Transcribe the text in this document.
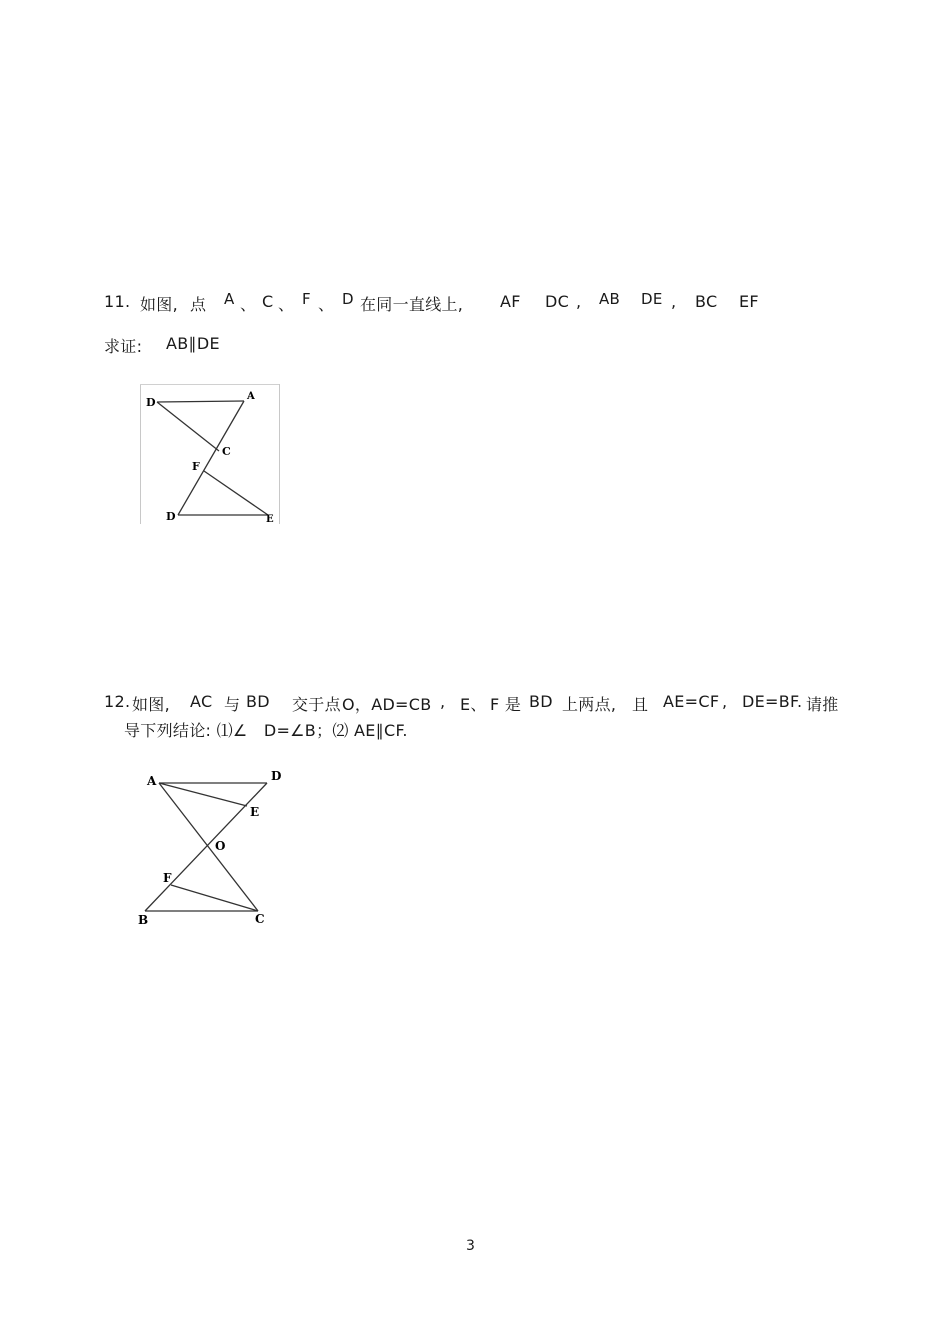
11. 如图, 点 A 、 C 、 F 、 D 在同一直线上, AF DC , AB DE , BC EF
求证: AB∥DE
D	A
C
F
D	E
12. 如图, AC 与 BD 交于点 O，AD=CB , E、 F 是 BD 上两点, 且 AE=CF , DE=BF. 请推
导下列结论: ⑴∠　D=∠B；⑵ AE∥CF.
A	D
E
O
F
B	C
3
